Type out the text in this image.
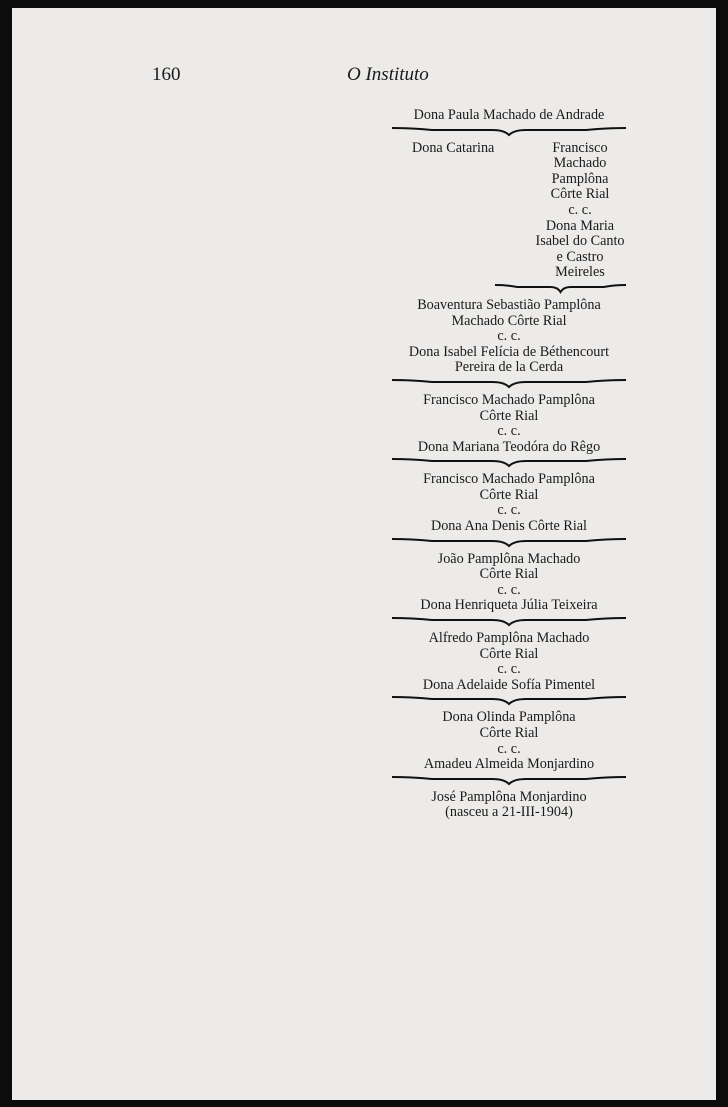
160	O Instituto
Dona Paula Machado de Andrade
Dona Catarina	Francisco
Machado
Pamplôna
Côrte Rial
c. c.
Dona Maria
Isabel do Canto
e Castro
Meireles
Boaventura Sebastião Pamplôna
Machado Côrte Rial
c. c.
Dona Isabel Felícia de Béthencourt
Pereira de la Cerda
Francisco Machado Pamplôna
Côrte Rial
c. c.
Dona Mariana Teodóra do Rêgo
Francisco Machado Pamplôna
Côrte Rial
c. c.
Dona Ana Denis Côrte Rial
João Pamplôna Machado
Côrte Rial
c. c.
Dona Henriqueta Júlia Teixeira
Alfredo Pamplôna Machado
Côrte Rial
c. c.
Dona Adelaide Sofía Pimentel
Dona Olinda Pamplôna
Côrte Rial
c. c.
Amadeu Almeida Monjardino
José Pamplôna Monjardino
(nasceu a 21-III-1904)
